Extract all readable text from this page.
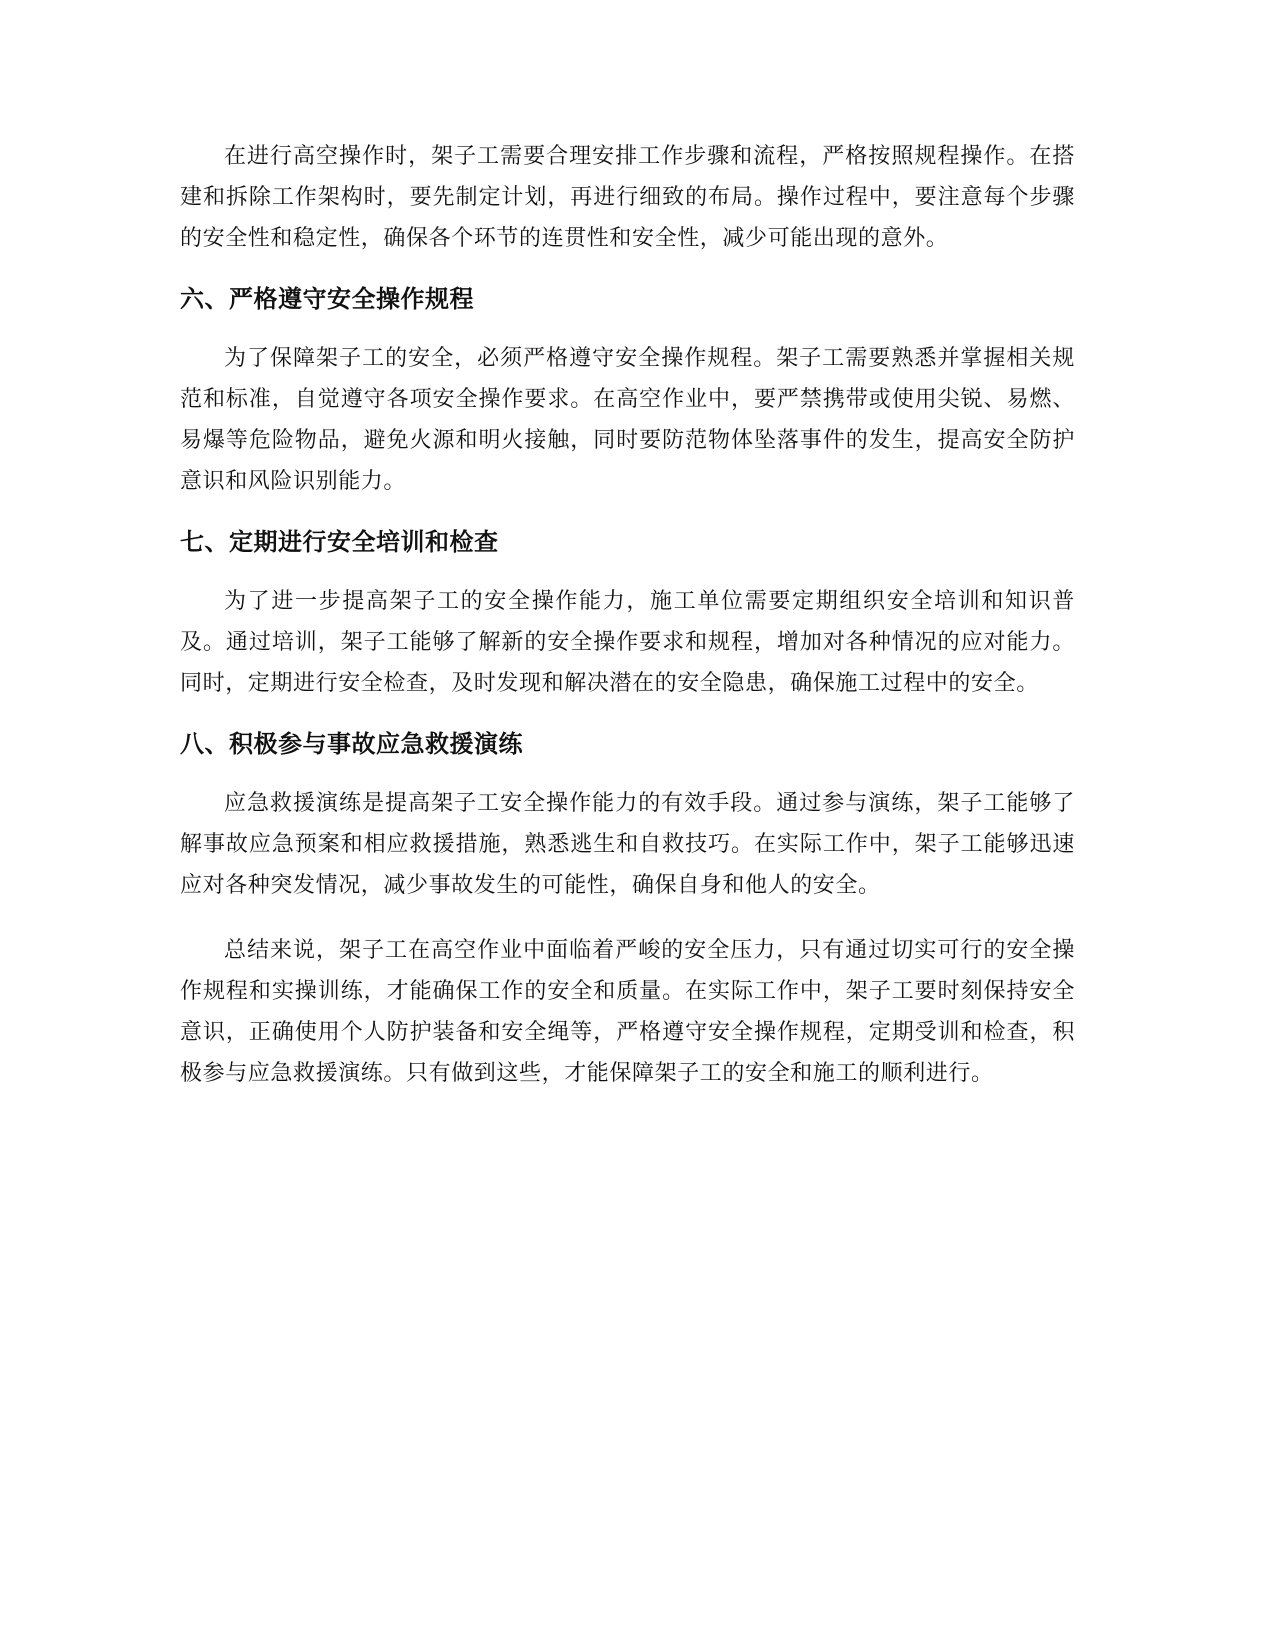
在进行高空操作时，架子工需要合理安排工作步骤和流程，严格按照规程操作。在搭建和拆除工作架构时，要先制定计划，再进行细致的布局。操作过程中，要注意每个步骤的安全性和稳定性，确保各个环节的连贯性和安全性，减少可能出现的意外。

六、严格遵守安全操作规程

为了保障架子工的安全，必须严格遵守安全操作规程。架子工需要熟悉并掌握相关规范和标准，自觉遵守各项安全操作要求。在高空作业中，要严禁携带或使用尖锐、易燃、易爆等危险物品，避免火源和明火接触，同时要防范物体坠落事件的发生，提高安全防护意识和风险识别能力。

七、定期进行安全培训和检查

为了进一步提高架子工的安全操作能力，施工单位需要定期组织安全培训和知识普及。通过培训，架子工能够了解新的安全操作要求和规程，增加对各种情况的应对能力。同时，定期进行安全检查，及时发现和解决潜在的安全隐患，确保施工过程中的安全。

八、积极参与事故应急救援演练

应急救援演练是提高架子工安全操作能力的有效手段。通过参与演练，架子工能够了解事故应急预案和相应救援措施，熟悉逃生和自救技巧。在实际工作中，架子工能够迅速应对各种突发情况，减少事故发生的可能性，确保自身和他人的安全。

总结来说，架子工在高空作业中面临着严峻的安全压力，只有通过切实可行的安全操作规程和实操训练，才能确保工作的安全和质量。在实际工作中，架子工要时刻保持安全意识，正确使用个人防护装备和安全绳等，严格遵守安全操作规程，定期受训和检查，积极参与应急救援演练。只有做到这些，才能保障架子工的安全和施工的顺利进行。
